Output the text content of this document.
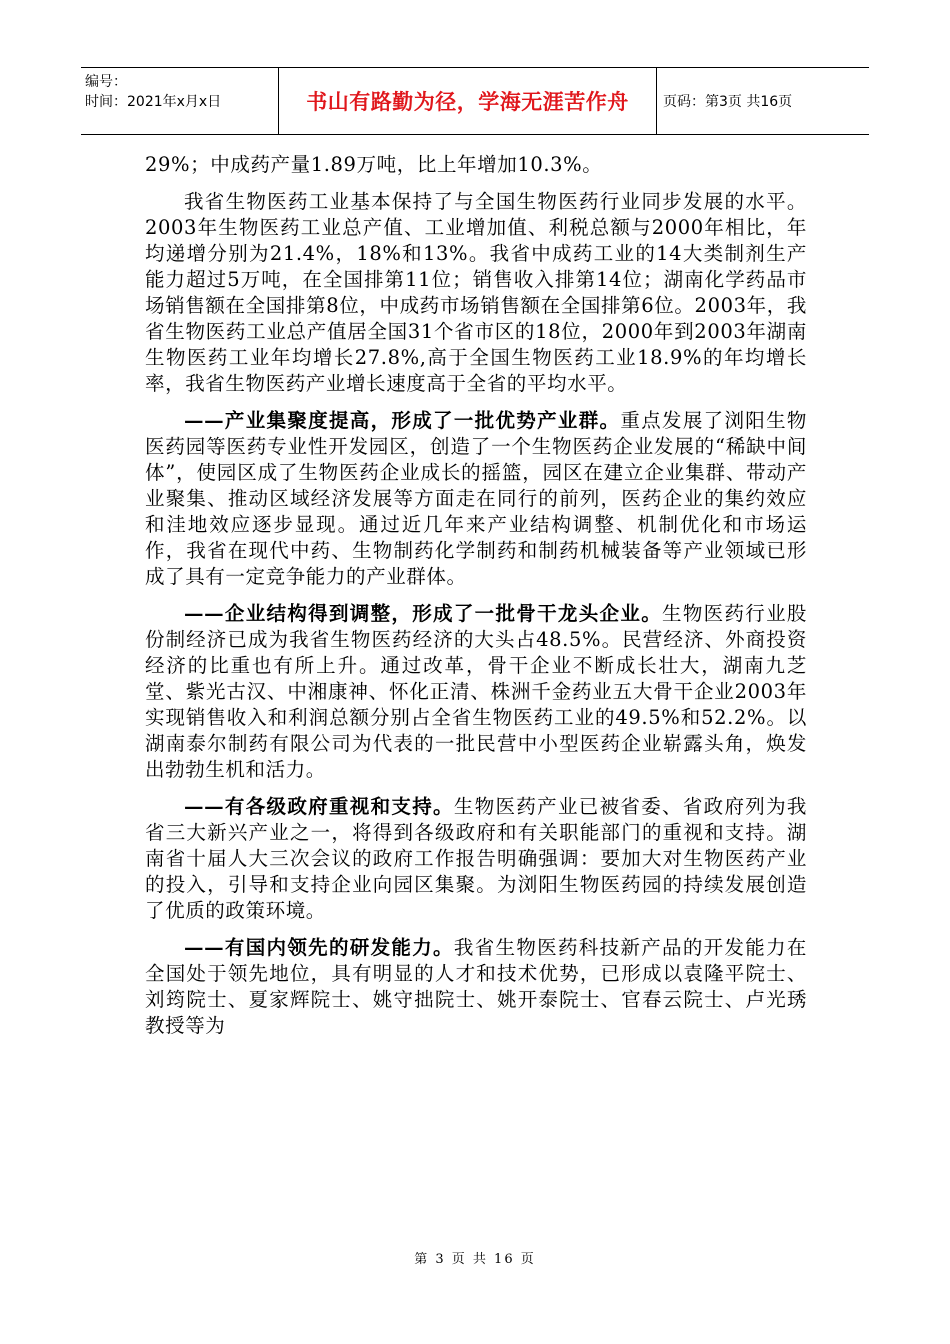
编号：
时间：2021年x月x日	书山有路勤为径，学海无涯苦作舟	页码：第3页 共16页

29%；中成药产量1.89万吨，比上年增加10.3%。

我省生物医药工业基本保持了与全国生物医药行业同步发展的水平。2003年生物医药工业总产值、工业增加值、利税总额与2000年相比，年均递增分别为21.4%，18%和13%。我省中成药工业的14大类制剂生产能力超过5万吨，在全国排第11位；销售收入排第14位；湖南化学药品市场销售额在全国排第8位，中成药市场销售额在全国排第6位。2003年，我省生物医药工业总产值居全国31个省市区的18位，2000年到2003年湖南生物医药工业年均增长27.8%,高于全国生物医药工业18.9%的年均增长率，我省生物医药产业增长速度高于全省的平均水平。

——产业集聚度提高，形成了一批优势产业群。重点发展了浏阳生物医药园等医药专业性开发园区，创造了一个生物医药企业发展的“稀缺中间体”，使园区成了生物医药企业成长的摇篮，园区在建立企业集群、带动产业聚集、推动区域经济发展等方面走在同行的前列，医药企业的集约效应和洼地效应逐步显现。通过近几年来产业结构调整、机制优化和市场运作，我省在现代中药、生物制药化学制药和制药机械装备等产业领域已形成了具有一定竞争能力的产业群体。

——企业结构得到调整，形成了一批骨干龙头企业。生物医药行业股份制经济已成为我省生物医药经济的大头占48.5%。民营经济、外商投资经济的比重也有所上升。通过改革，骨干企业不断成长壮大，湖南九芝堂、紫光古汉、中湘康神、怀化正清、株洲千金药业五大骨干企业2003年实现销售收入和利润总额分别占全省生物医药工业的49.5%和52.2%。以湖南泰尔制药有限公司为代表的一批民营中小型医药企业崭露头角，焕发出勃勃生机和活力。

——有各级政府重视和支持。生物医药产业已被省委、省政府列为我省三大新兴产业之一，将得到各级政府和有关职能部门的重视和支持。湖南省十届人大三次会议的政府工作报告明确强调：要加大对生物医药产业的投入，引导和支持企业向园区集聚。为浏阳生物医药园的持续发展创造了优质的政策环境。

——有国内领先的研发能力。我省生物医药科技新产品的开发能力在全国处于领先地位，具有明显的人才和技术优势，已形成以袁隆平院士、刘筠院士、夏家辉院士、姚守拙院士、姚开泰院士、官春云院士、卢光琇教授等为

第 3 页 共 16 页
